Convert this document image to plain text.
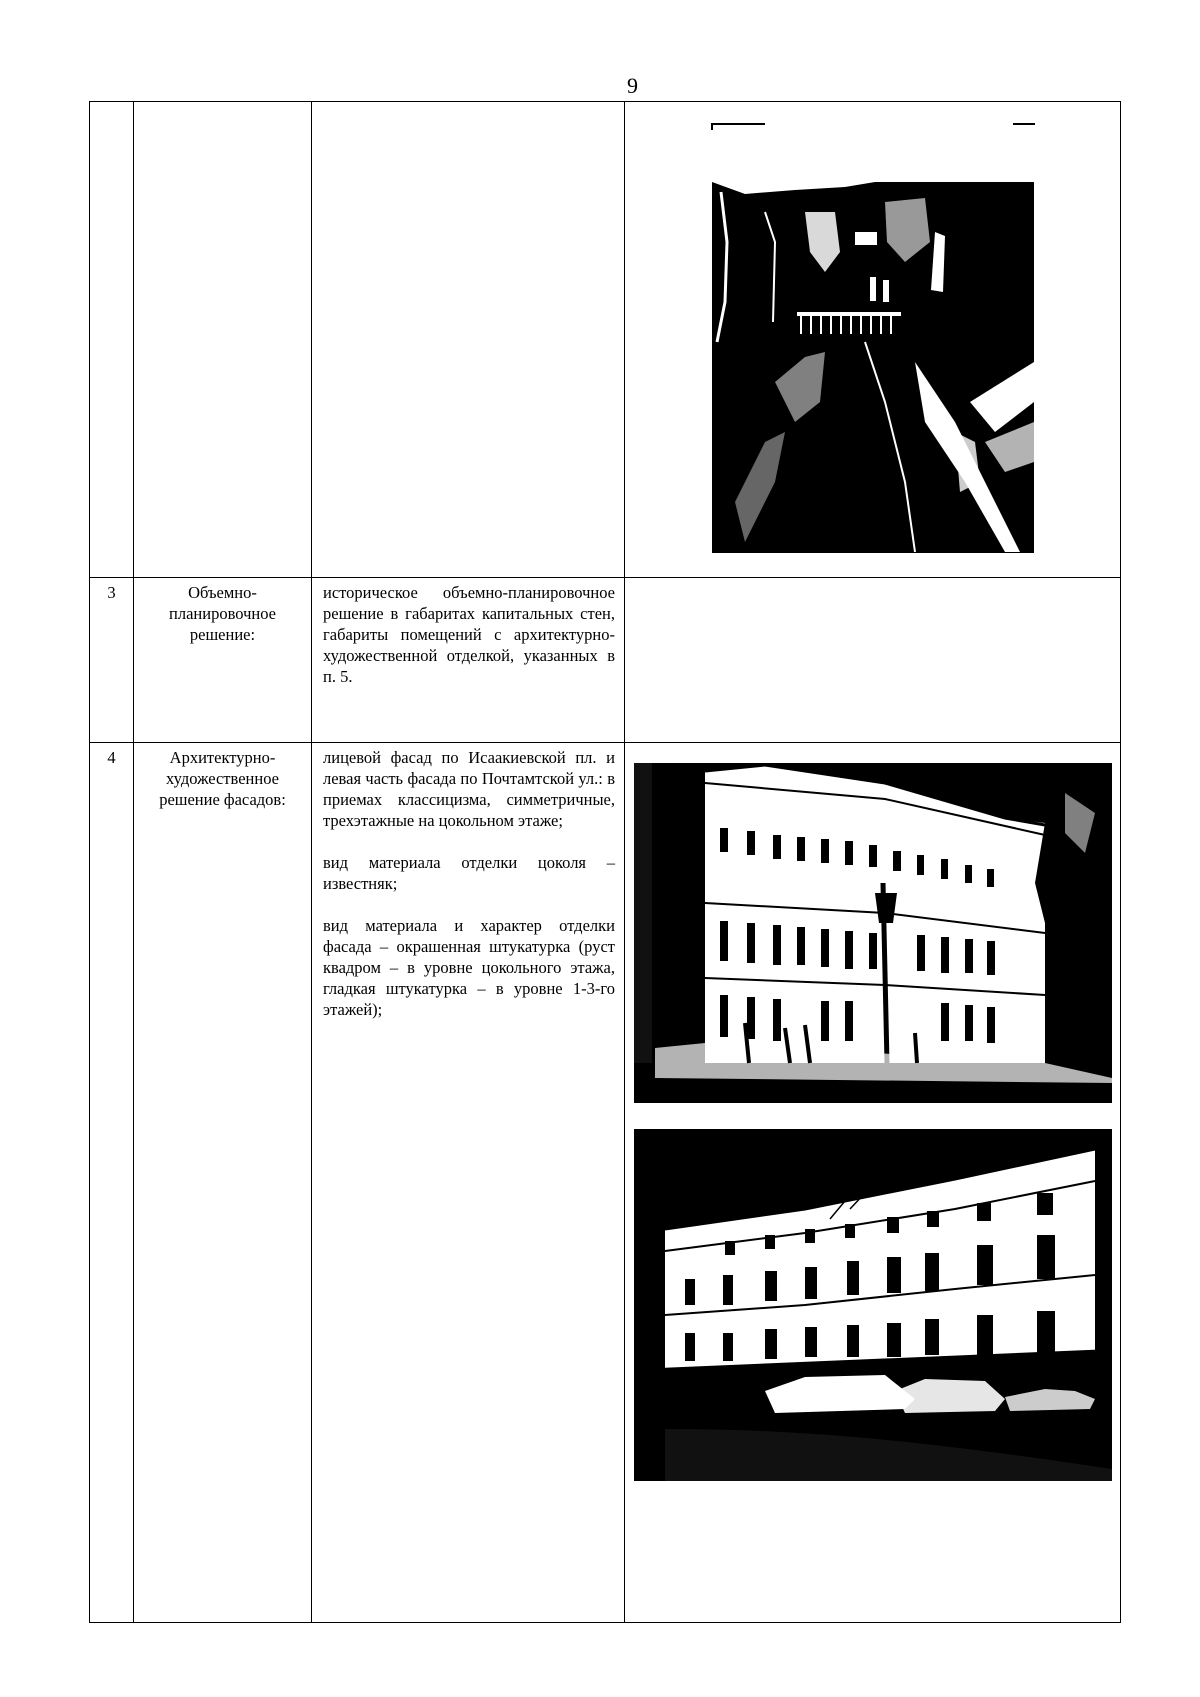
9

3	Объемно-планировочное решение:	историческое объемно-планировочное решение в габаритах капитальных стен, габариты помещений с архитектурно-художественной отделкой, указанных в п. 5.	

4	Архитектурно-художественное решение фасадов:	лицевой фасад по Исаакиевской пл. и левая часть фасада по Почтамтской ул.: в приемах классицизма, симметричные, трехэтажные на цокольном этаже;

вид материала отделки цоколя – известняк;

вид материала и характер отделки фасада – окрашенная штукатурка (руст квадром – в уровне цокольного этажа, гладкая штукатурка – в уровне 1-3-го этажей);
